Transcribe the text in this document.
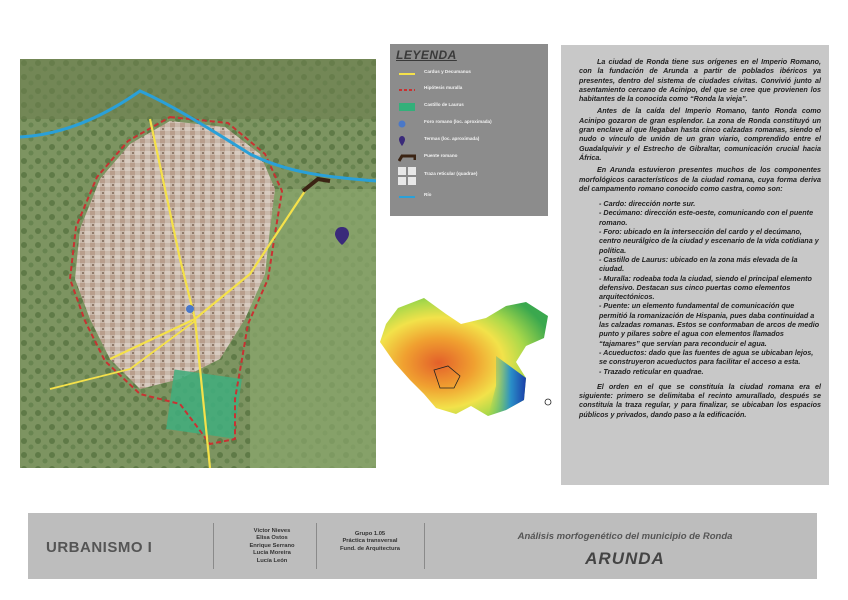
LEYENDA
Cardus y Decumanus
Hipótesis muralla
Castillo de Laurus
Foro romano (loc. aproximada)
Termas (loc. aproximada)
Puente romano
Traza reticular (quadrae)
Río

La ciudad de Ronda tiene sus orígenes en el Imperio Romano, con la fundación de Arunda a partir de poblados ibéricos ya presentes, dentro del sistema de ciudades cívitas. Convivió junto al asentamiento cercano de Acinipo, del que se cree que provienen los habitantes de la conocida como “Ronda la vieja”.

Antes de la caída del Imperio Romano, tanto Ronda como Acinipo gozaron de gran esplendor. La zona de Ronda constituyó un gran enclave al que llegaban hasta cinco calzadas romanas, siendo el nudo o vínculo de unión de un gran viario, comprendido entre el Guadalquivir y el Estrecho de Gibraltar, comunicación crucial hacia África.

En Arunda estuvieron presentes muchos de los componentes morfológicos característicos de la ciudad romana, cuya forma deriva del campamento romano conocido como castra, como son:

- Cardo: dirección norte sur.
- Decúmano: dirección este-oeste, comunicando con el puente romano.
- Foro: ubicado en la intersección del cardo y el decúmano, centro neurálgico de la ciudad y escenario de la vida cotidiana y política.
- Castillo de Laurus: ubicado en la zona más elevada de la ciudad.
- Muralla: rodeaba toda la ciudad, siendo el principal elemento defensivo. Destacan sus cinco puertas como elementos arquitectónicos.
- Puente: un elemento fundamental de comunicación que permitió la romanización de Hispania, pues daba continuidad a las calzadas romanas. Estos se conformaban de arcos de medio punto y pilares sobre el agua con elementos llamados “tajamares” que servían para reconducir el agua.
- Acueductos: dado que las fuentes de agua se ubicaban lejos, se construyeron acueductos para facilitar el acceso a esta.
- Trazado reticular en quadrae.

El orden en el que se constituía la ciudad romana era el siguiente: primero se delimitaba el recinto amurallado, después se constituía la traza regular, y para finalizar, se ubicaban los espacios públicos y privados, dando paso a la edificación.

URBANISMO I
Víctor Nieves
Elisa Ostos
Enrique Serrano
Lucía Moreira
Lucía León
Grupo 1.05
Práctica transversal
Fund. de Arquitectura
Análisis morfogenético del municipio de Ronda
ARUNDA
